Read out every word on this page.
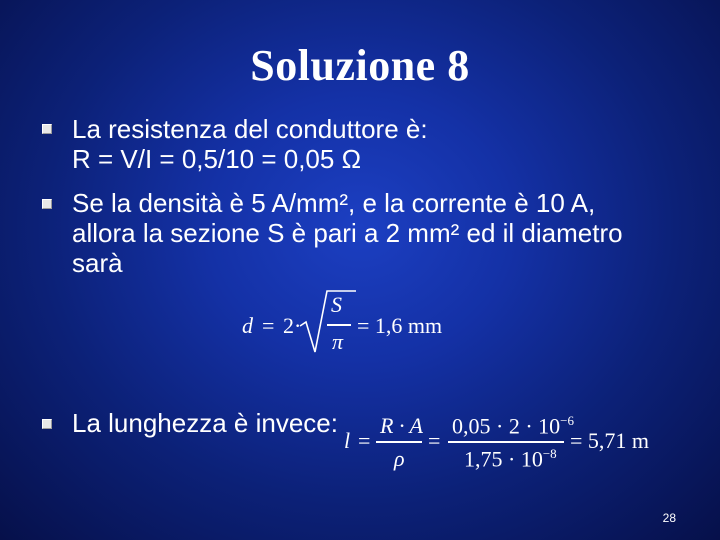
Soluzione 8
La resistenza del conduttore è:
R = V/I = 0,5/10 = 0,05 Ω
Se la densità è 5 A/mm², e la corrente è 10 A,
allora la sezione S è pari a 2 mm² ed il diametro
sarà
d = 2·
S
π
= 1,6 mm
La lunghezza è invece:
l =
R · A
ρ
=
$0,05 \cdot 2 \cdot 10^{-6}$
$1,75 \cdot 10^{-8}$
= 5,71 m
28
